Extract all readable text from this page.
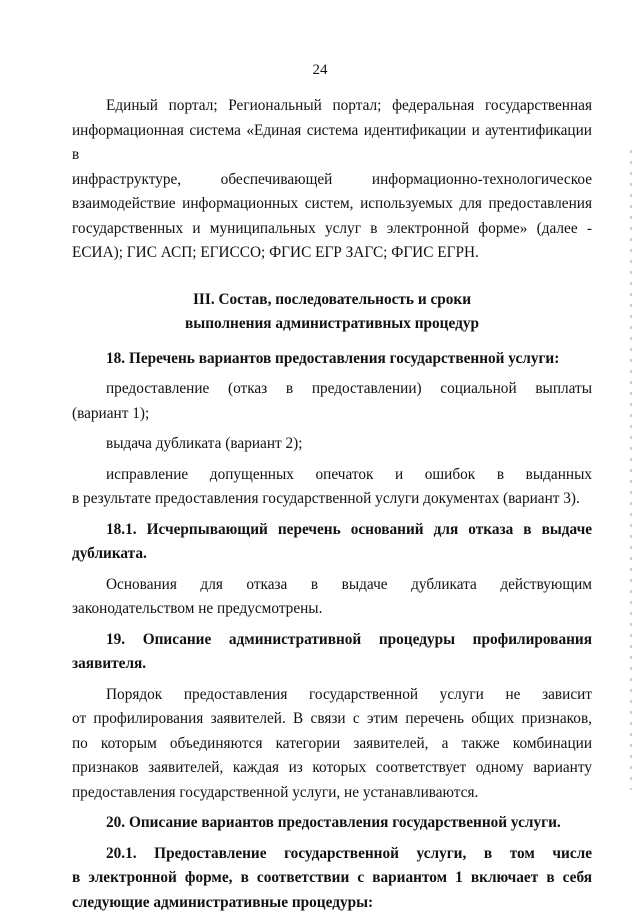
24

Единый портал; Региональный портал; федеральная государственная

информационная система «Единая система идентификации и аутентификации в

инфраструктуре, обеспечивающей информационно-технологическое

взаимодействие информационных систем, используемых для предоставления

государственных и муниципальных услуг в электронной форме» (далее -

ЕСИА); ГИС АСП; ЕГИССО; ФГИС ЕГР ЗАГС; ФГИС ЕГРН.

III. Состав, последовательность и сроки

выполнения административных процедур

18. Перечень вариантов предоставления государственной услуги:

предоставление (отказ в предоставлении) социальной выплаты

(вариант 1);

выдача дубликата (вариант 2);

исправление допущенных опечаток и ошибок в выданных

в результате предоставления государственной услуги документах (вариант 3).

18.1. Исчерпывающий перечень оснований для отказа в выдаче

дубликата.

Основания для отказа в выдаче дубликата действующим

законодательством не предусмотрены.

19. Описание административной процедуры профилирования

заявителя.

Порядок предоставления государственной услуги не зависит

от профилирования заявителей. В связи с этим перечень общих признаков,

по которым объединяются категории заявителей, а также комбинации

признаков заявителей, каждая из которых соответствует одному варианту

предоставления государственной услуги, не устанавливаются.

20. Описание вариантов предоставления государственной услуги.

20.1. Предоставление государственной услуги, в том числе

в электронной форме, в соответствии с вариантом 1 включает в себя

следующие административные процедуры:
